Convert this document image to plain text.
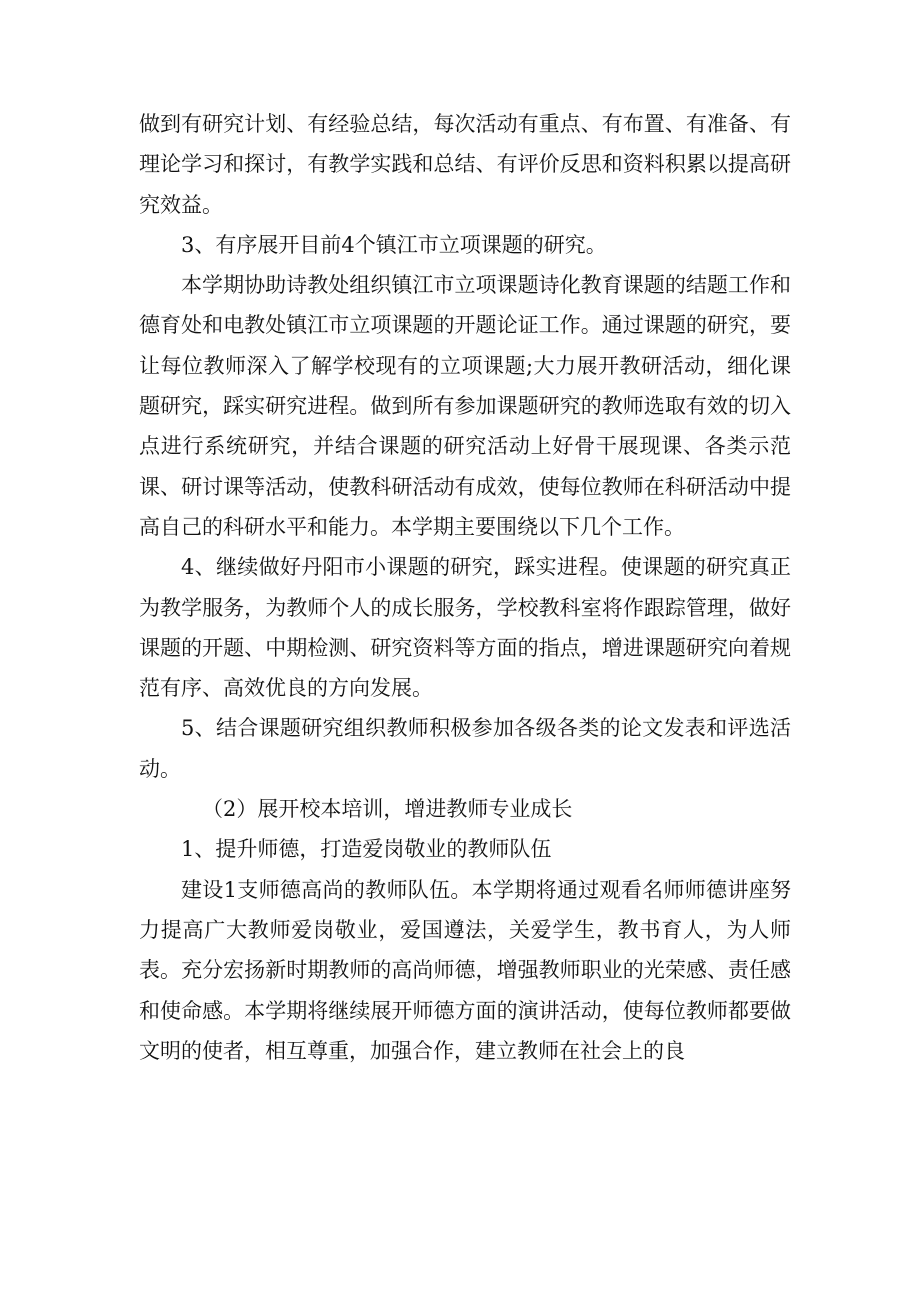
做到有研究计划、有经验总结，每次活动有重点、有布置、有准备、有理论学习和探讨，有教学实践和总结、有评价反思和资料积累以提高研究效益。

3、有序展开目前4个镇江市立项课题的研究。

本学期协助诗教处组织镇江市立项课题诗化教育课题的结题工作和德育处和电教处镇江市立项课题的开题论证工作。通过课题的研究，要让每位教师深入了解学校现有的立项课题;大力展开教研活动，细化课题研究，踩实研究进程。做到所有参加课题研究的教师选取有效的切入点进行系统研究，并结合课题的研究活动上好骨干展现课、各类示范课、研讨课等活动，使教科研活动有成效，使每位教师在科研活动中提高自己的科研水平和能力。本学期主要围绕以下几个工作。

4、继续做好丹阳市小课题的研究，踩实进程。使课题的研究真正为教学服务，为教师个人的成长服务，学校教科室将作跟踪管理，做好课题的开题、中期检测、研究资料等方面的指点，增进课题研究向着规范有序、高效优良的方向发展。

5、结合课题研究组织教师积极参加各级各类的论文发表和评选活动。

（2）展开校本培训，增进教师专业成长

1、提升师德，打造爱岗敬业的教师队伍

建设1支师德高尚的教师队伍。本学期将通过观看名师师德讲座努力提高广大教师爱岗敬业，爱国遵法，关爱学生，教书育人，为人师表。充分宏扬新时期教师的高尚师德，增强教师职业的光荣感、责任感和使命感。本学期将继续展开师德方面的演讲活动，使每位教师都要做文明的使者，相互尊重，加强合作，建立教师在社会上的良
